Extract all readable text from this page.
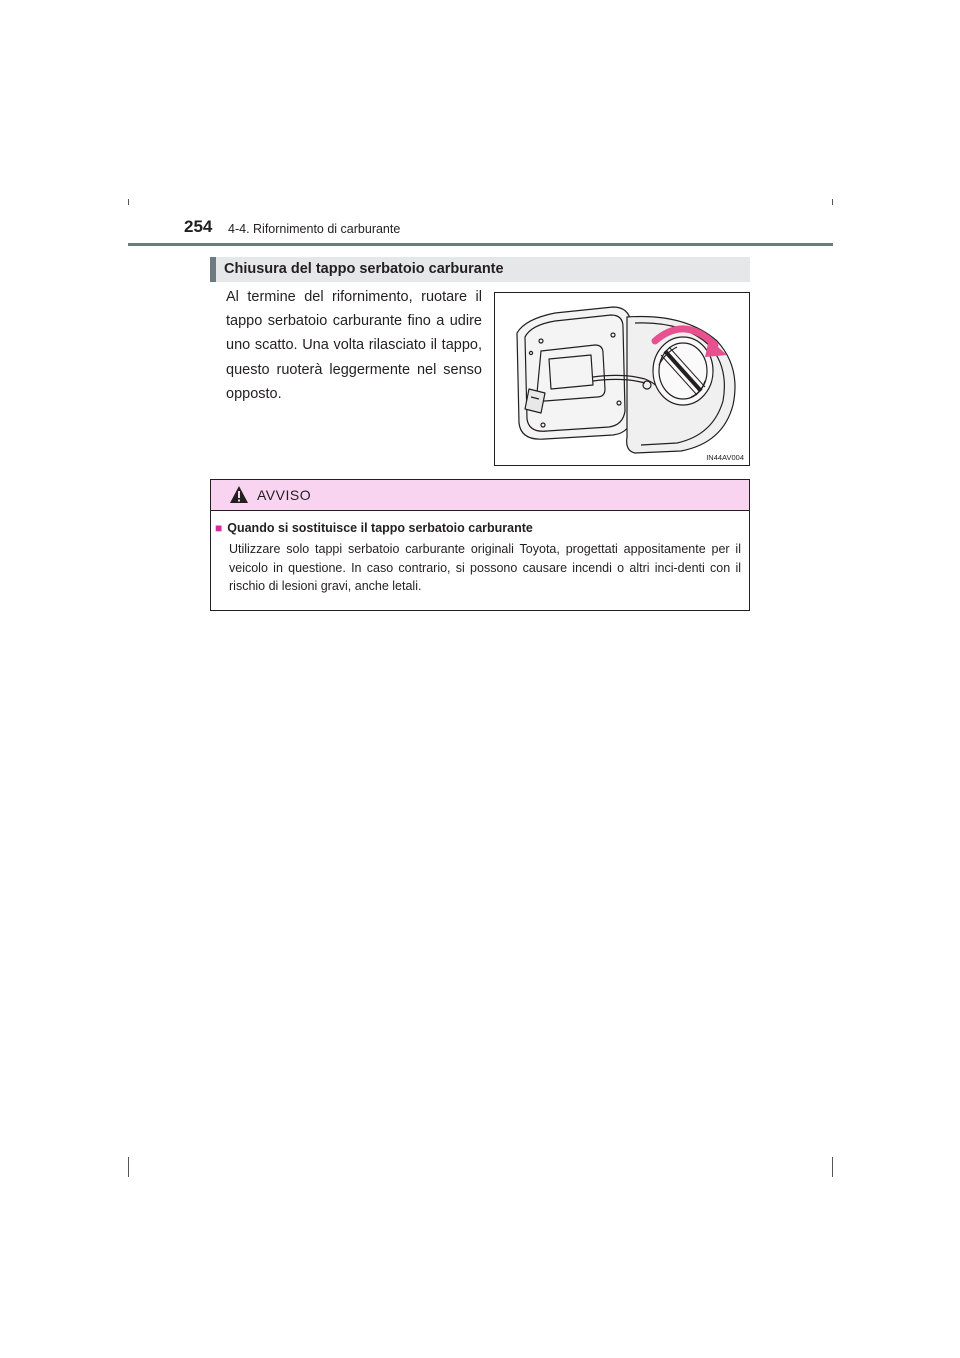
254 4-4. Rifornimento di carburante
Chiusura del tappo serbatoio carburante
Al termine del rifornimento, ruotare il tappo serbatoio carburante fino a udire uno scatto. Una volta rilasciato il tappo, questo ruoterà leggermente nel senso opposto.
IN44AV004
AVVISO
■ Quando si sostituisce il tappo serbatoio carburante
Utilizzare solo tappi serbatoio carburante originali Toyota, progettati appositamente per il veicolo in questione. In caso contrario, si possono causare incendi o altri inci-denti con il rischio di lesioni gravi, anche letali.
